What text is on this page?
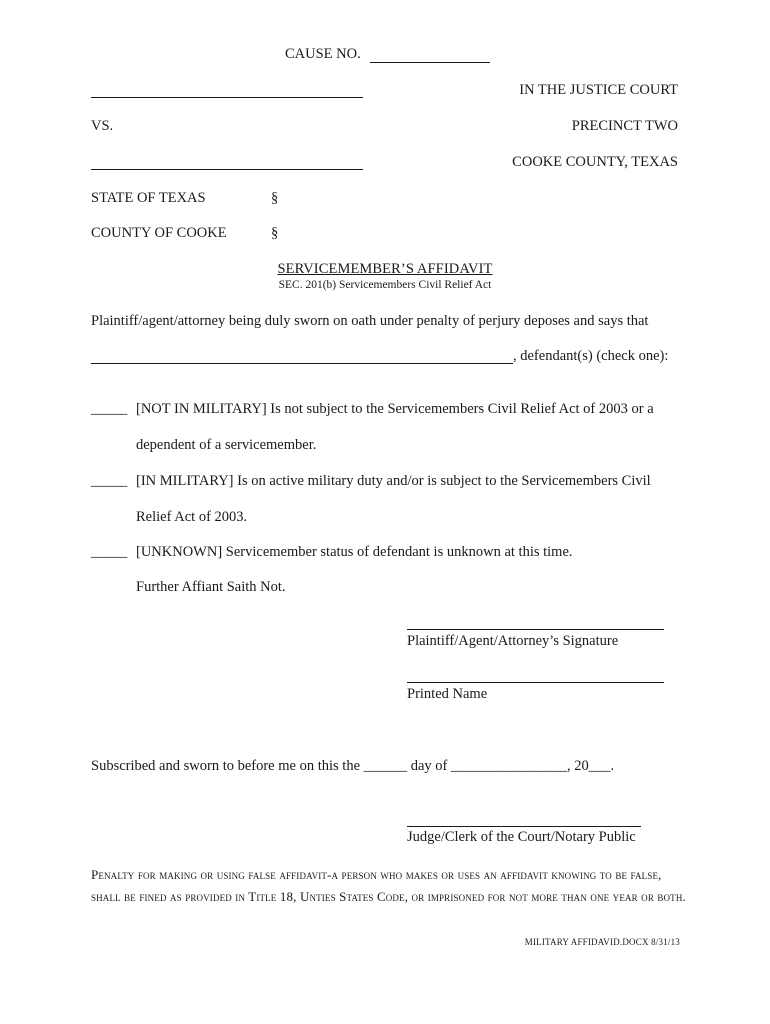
CAUSE NO.
IN THE JUSTICE COURT
VS.	PRECINCT TWO
COOKE COUNTY, TEXAS
STATE OF TEXAS	§
COUNTY OF COOKE	§
SERVICEMEMBER’S AFFIDAVIT
SEC. 201(b) Servicemembers Civil Relief Act
Plaintiff/agent/attorney being duly sworn on oath under penalty of perjury deposes and says that
, defendant(s) (check one):
_____ [NOT IN MILITARY] Is not subject to the Servicemembers Civil Relief Act of 2003 or a
dependent of a servicemember.
_____ [IN MILITARY] Is on active military duty and/or is subject to the Servicemembers Civil
Relief Act of 2003.
_____ [UNKNOWN] Servicemember status of defendant is unknown at this time.
Further Affiant Saith Not.
Plaintiff/Agent/Attorney’s Signature
Printed Name
Subscribed and sworn to before me on this the ______ day of ________________, 20___.
Judge/Clerk of the Court/Notary Public
Penalty for making or using false affidavit-a person who makes or uses an affidavit knowing to be false, shall be fined as provided in Title 18, Unties States Code, or imprisoned for not more than one year or both.
MILITARY AFFIDAVID.DOCX 8/31/13
